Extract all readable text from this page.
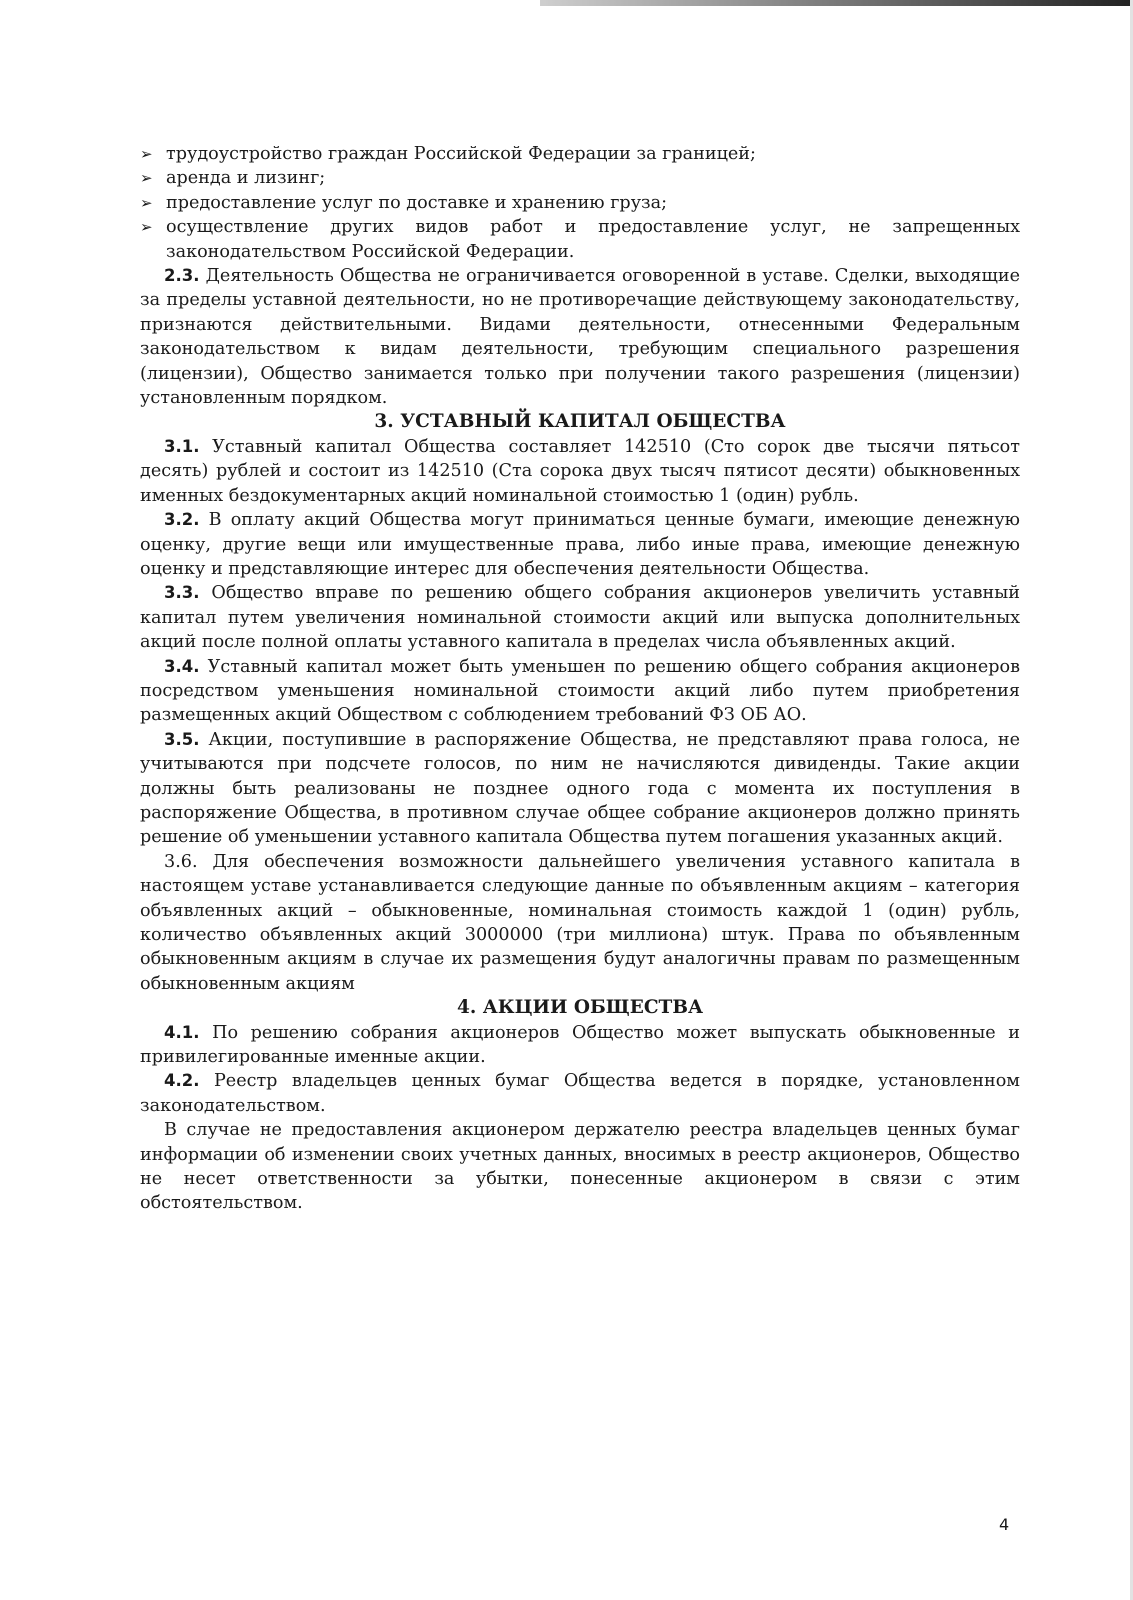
➢ трудоустройство граждан Российской Федерации за границей;
➢ аренда и лизинг;
➢ предоставление услуг по доставке и хранению груза;
➢ осуществление других видов работ и предоставление услуг, не запрещенных законодательством Российской Федерации.

2.3. Деятельность Общества не ограничивается оговоренной в уставе. Сделки, выходящие за пределы уставной деятельности, но не противоречащие действующему законодательству, признаются действительными. Видами деятельности, отнесенными Федеральным законодательством к видам деятельности, требующим специального разрешения (лицензии), Общество занимается только при получении такого разрешения (лицензии) установленным порядком.

3. УСТАВНЫЙ КАПИТАЛ ОБЩЕСТВА

3.1. Уставный капитал Общества составляет 142510 (Сто сорок две тысячи пятьсот десять) рублей и состоит из 142510 (Ста сорока двух тысяч пятисот десяти) обыкновенных именных бездокументарных акций номинальной стоимостью 1 (один) рубль.

3.2. В оплату акций Общества могут приниматься ценные бумаги, имеющие денежную оценку, другие вещи или имущественные права, либо иные права, имеющие денежную оценку и представляющие интерес для обеспечения деятельности Общества.

3.3. Общество вправе по решению общего собрания акционеров увеличить уставный капитал путем увеличения номинальной стоимости акций или выпуска дополнительных акций после полной оплаты уставного капитала в пределах числа объявленных акций.

3.4. Уставный капитал может быть уменьшен по решению общего собрания акционеров посредством уменьшения номинальной стоимости акций либо путем приобретения размещенных акций Обществом с соблюдением требований ФЗ ОБ АО.

3.5. Акции, поступившие в распоряжение Общества, не представляют права голоса, не учитываются при подсчете голосов, по ним не начисляются дивиденды. Такие акции должны быть реализованы не позднее одного года с момента их поступления в распоряжение Общества, в противном случае общее собрание акционеров должно принять решение об уменьшении уставного капитала Общества путем погашения указанных акций.

3.6. Для обеспечения возможности дальнейшего увеличения уставного капитала в настоящем уставе устанавливается следующие данные по объявленным акциям – категория объявленных акций – обыкновенные, номинальная стоимость каждой 1 (один) рубль, количество объявленных акций 3000000 (три миллиона) штук. Права по объявленным обыкновенным акциям в случае их размещения будут аналогичны правам по размещенным обыкновенным акциям

4. АКЦИИ ОБЩЕСТВА

4.1. По решению собрания акционеров Общество может выпускать обыкновенные и привилегированные именные акции.

4.2. Реестр владельцев ценных бумаг Общества ведется в порядке, установленном законодательством.

В случае не предоставления акционером держателю реестра владельцев ценных бумаг информации об изменении своих учетных данных, вносимых в реестр акционеров, Общество не несет ответственности за убытки, понесенные акционером в связи с этим обстоятельством.

4
